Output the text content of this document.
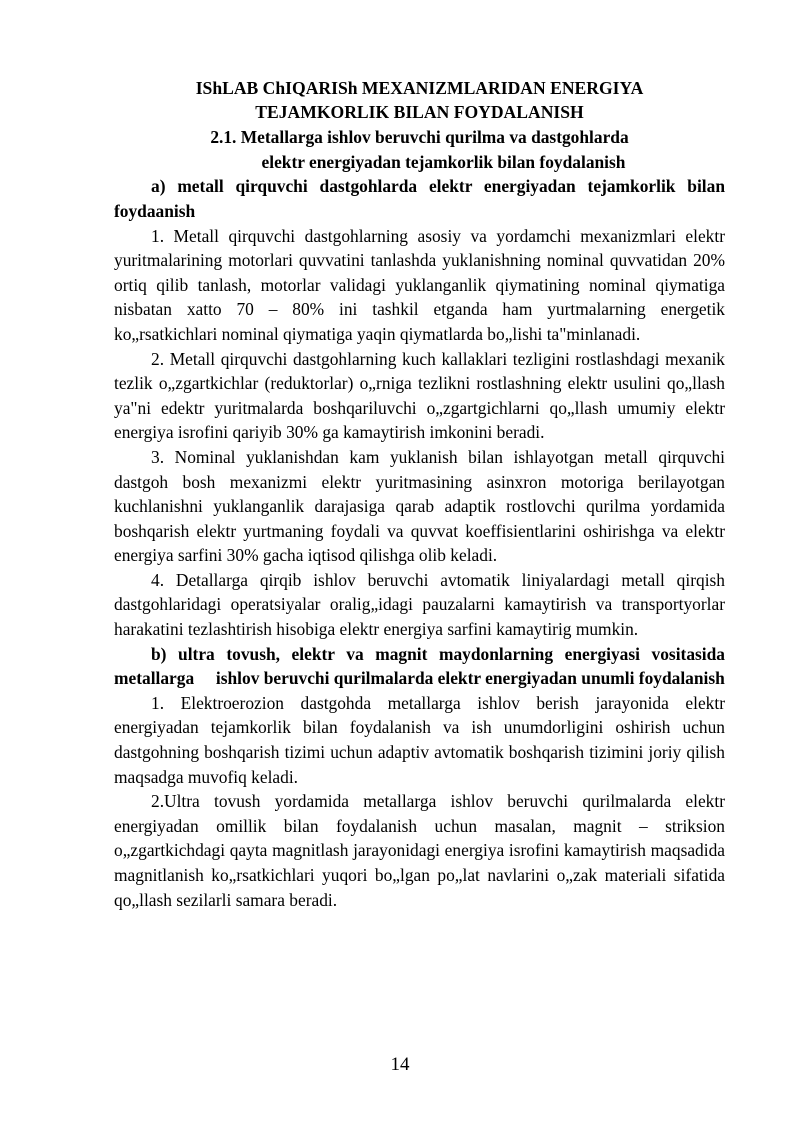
IShLAB ChIQARISh MEXANIZMLARIDAN ENERGIYA
TEJAMKORLIK BILAN FOYDALANISH
2.1. Metallarga ishlov beruvchi qurilma va dastgohlarda
elektr energiyadan tejamkorlik bilan foydalanish
a) metall qirquvchi dastgohlarda elektr energiyadan tejamkorlik bilan foydaanish

1. Metall qirquvchi dastgohlarning asosiy va yordamchi mexanizmlari elektr yuritmalarining motorlari quvvatini tanlashda yuklanishning nominal quvvatidan 20% ortiq qilib tanlash, motorlar validagi yuklanganlik qiymatining nominal qiymatiga nisbatan xatto 70 – 80% ini tashkil etganda ham yurtmalarning energetik ko„rsatkichlari nominal qiymatiga yaqin qiymatlarda bo„lishi ta"minlanadi.

2. Metall qirquvchi dastgohlarning kuch kallaklari tezligini rostlashdagi mexanik tezlik o„zgartkichlar (reduktorlar) o„rniga tezlikni rostlashning elektr usulini qo„llash ya"ni edektr yuritmalarda boshqariluvchi o„zgartgichlarni qo„llash umumiy elektr energiya isrofini qariyib 30% ga kamaytirish imkonini beradi.

3. Nominal yuklanishdan kam yuklanish bilan ishlayotgan metall qirquvchi dastgoh bosh mexanizmi elektr yuritmasining asinxron motoriga berilayotgan kuchlanishni yuklanganlik darajasiga qarab adaptik rostlovchi qurilma yordamida boshqarish elektr yurtmaning foydali va quvvat koeffisientlarini oshirishga va elektr energiya sarfini 30% gacha iqtisod qilishga olib keladi.

4. Detallarga qirqib ishlov beruvchi avtomatik liniyalardagi metall qirqish dastgohlaridagi operatsiyalar oralig„idagi pauzalarni kamaytirish va transportyorlar harakatini tezlashtirish hisobiga elektr energiya sarfini kamaytirig mumkin.

b) ultra tovush, elektr va magnit maydonlarning energiyasi vositasida metallarga     ishlov beruvchi qurilmalarda elektr energiyadan unumli foydalanish

1. Elektroerozion dastgohda metallarga ishlov berish jarayonida elektr energiyadan tejamkorlik bilan foydalanish va ish unumdorligini oshirish uchun dastgohning boshqarish tizimi uchun adaptiv avtomatik boshqarish tizimini joriy qilish maqsadga muvofiq keladi.

2.Ultra tovush yordamida metallarga ishlov beruvchi qurilmalarda elektr energiyadan omillik bilan foydalanish uchun masalan, magnit – striksion o„zgartkichdagi qayta magnitlash jarayonidagi energiya isrofini kamaytirish maqsadida magnitlanish ko„rsatkichlari yuqori bo„lgan po„lat navlarini o„zak materiali sifatida qo„llash sezilarli samara beradi.

14
